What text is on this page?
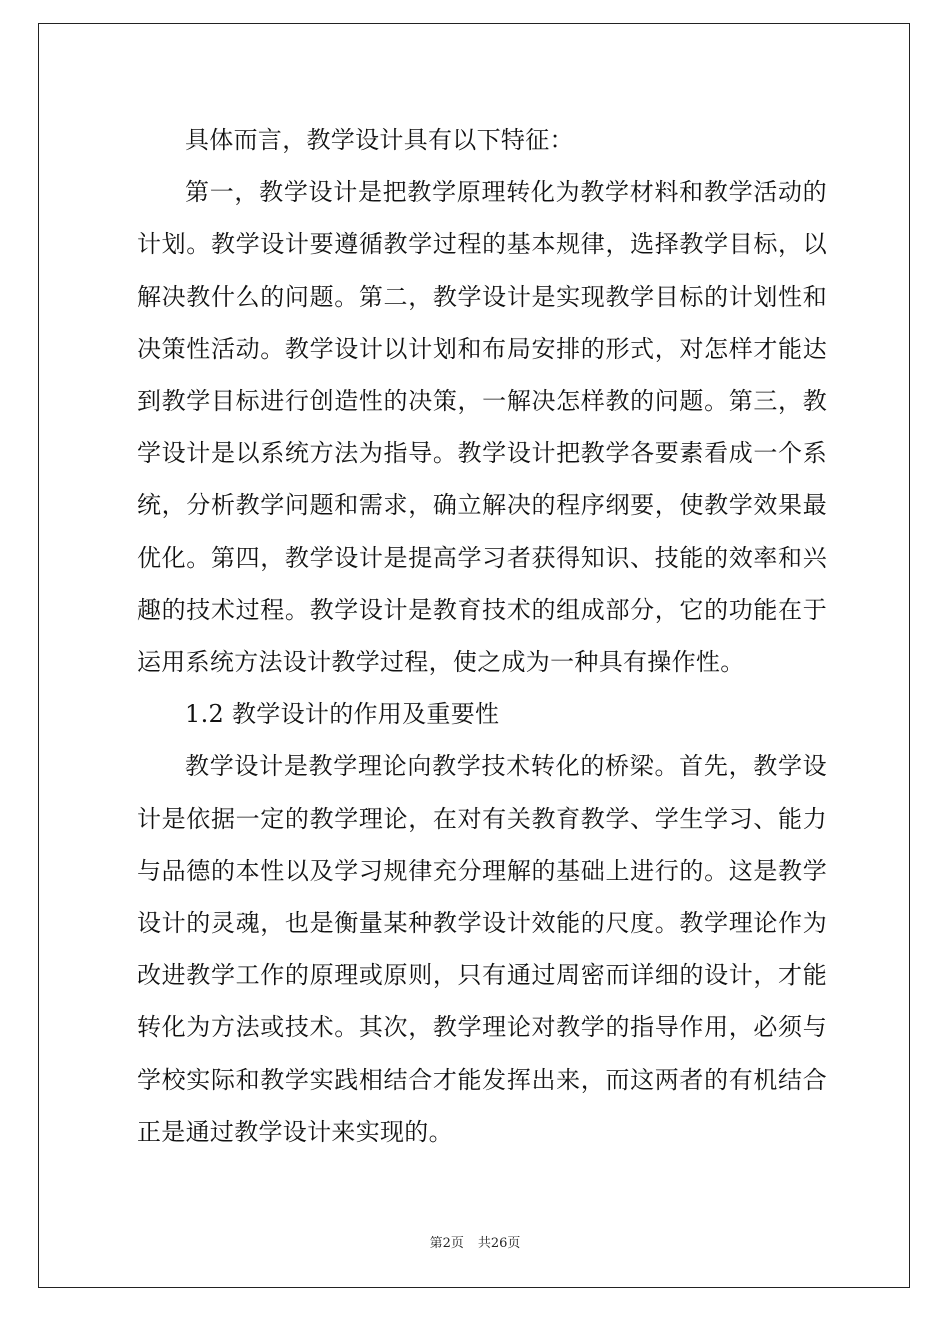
具体而言，教学设计具有以下特征：

第一，教学设计是把教学原理转化为教学材料和教学活动的计划。教学设计要遵循教学过程的基本规律，选择教学目标，以解决教什么的问题。第二，教学设计是实现教学目标的计划性和决策性活动。教学设计以计划和布局安排的形式，对怎样才能达到教学目标进行创造性的决策，一解决怎样教的问题。第三，教学设计是以系统方法为指导。教学设计把教学各要素看成一个系统，分析教学问题和需求，确立解决的程序纲要，使教学效果最优化。第四，教学设计是提高学习者获得知识、技能的效率和兴趣的技术过程。教学设计是教育技术的组成部分，它的功能在于运用系统方法设计教学过程，使之成为一种具有操作性。

1.2 教学设计的作用及重要性

教学设计是教学理论向教学技术转化的桥梁。首先，教学设计是依据一定的教学理论，在对有关教育教学、学生学习、能力与品德的本性以及学习规律充分理解的基础上进行的。这是教学设计的灵魂，也是衡量某种教学设计效能的尺度。教学理论作为改进教学工作的原理或原则，只有通过周密而详细的设计，才能转化为方法或技术。其次，教学理论对教学的指导作用，必须与学校实际和教学实践相结合才能发挥出来，而这两者的有机结合正是通过教学设计来实现的。

第2页 共26页
